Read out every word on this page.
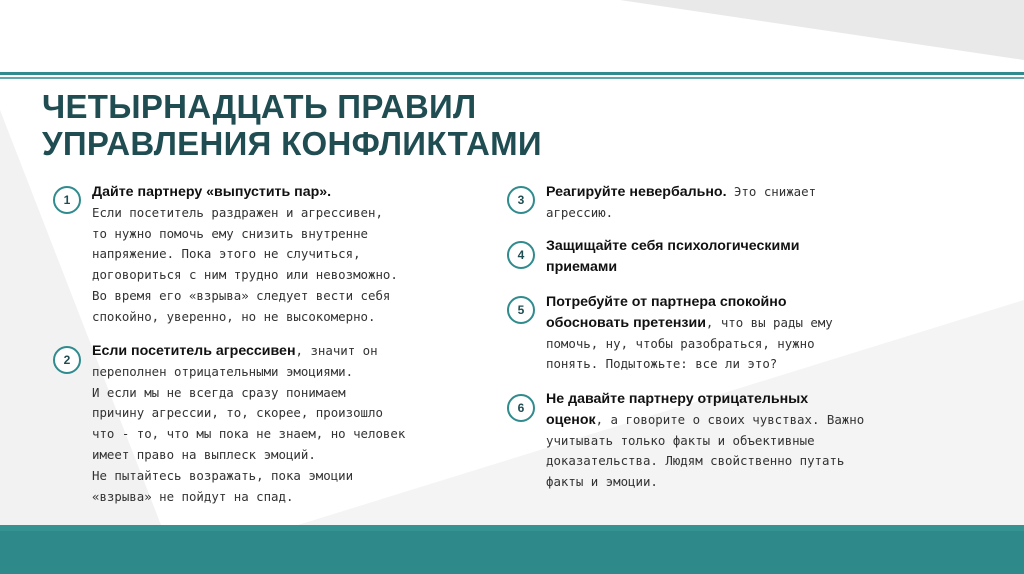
ЧЕТЫРНАДЦАТЬ ПРАВИЛ
УПРАВЛЕНИЯ КОНФЛИКТАМИ
1	Дайте партнеру «выпустить пар».
Если посетитель раздражен и агрессивен,
то нужно помочь ему снизить внутренне
напряжение. Пока этого не случиться,
договориться с ним трудно или невозможно.
Во время его «взрыва» следует вести себя
спокойно, уверенно, но не высокомерно.
2
Если посетитель агрессивен, значит он
переполнен отрицательными эмоциями.
И если мы не всегда сразу понимаем
причину агрессии, то, скорее, произошло
что - то, что мы пока не знаем, но человек
имеет право на выплеск эмоций.
Не пытайтесь возражать, пока эмоции
«взрыва» не пойдут на спад.
3	Реагируйте невербально. Это снижает
агрессию.
4
Защищайте себя психологическими
приемами
5	Потребуйте от партнера спокойно
обосновать претензии, что вы рады ему
помочь, ну, чтобы разобраться, нужно
понять. Подытожьте: все ли это?
6
Не давайте партнеру отрицательных
оценок, а говорите о своих чувствах. Важно
учитывать только факты и объективные
доказательства. Людям свойственно путать
факты и эмоции.
